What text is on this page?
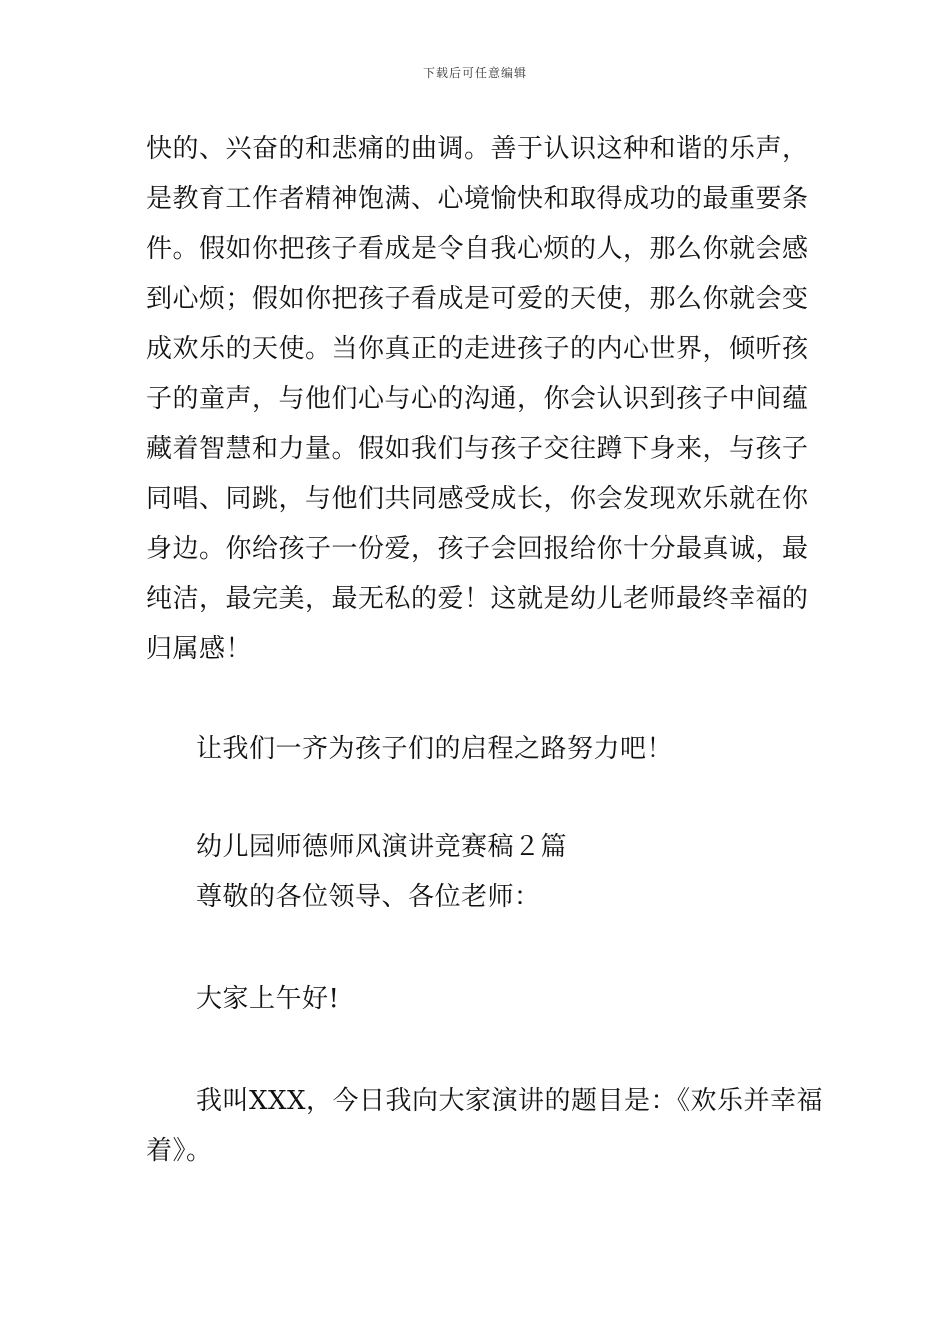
下载后可任意编辑
快的、兴奋的和悲痛的曲调。善于认识这种和谐的乐声，
是教育工作者精神饱满、心境愉快和取得成功的最重要条
件。假如你把孩子看成是令自我心烦的人，那么你就会感
到心烦；假如你把孩子看成是可爱的天使，那么你就会变
成欢乐的天使。当你真正的走进孩子的内心世界，倾听孩
子的童声，与他们心与心的沟通，你会认识到孩子中间蕴
藏着智慧和力量。假如我们与孩子交往蹲下身来，与孩子
同唱、同跳，与他们共同感受成长，你会发现欢乐就在你
身边。你给孩子一份爱，孩子会回报给你十分最真诚，最
纯洁，最完美，最无私的爱！这就是幼儿老师最终幸福的
归属感！
让我们一齐为孩子们的启程之路努力吧！
幼儿园师德师风演讲竞赛稿２篇
尊敬的各位领导、各位老师：
大家上午好!
我叫XXX，今日我向大家演讲的题目是：《欢乐并幸福
着》。
